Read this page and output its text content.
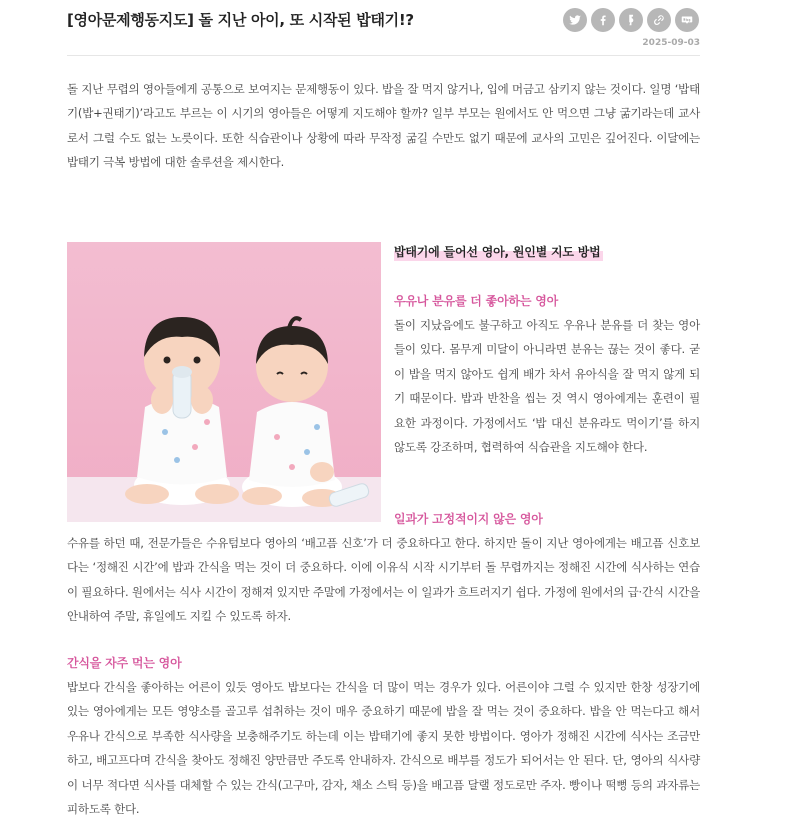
[영아문제행동지도] 돌 지난 아이, 또 시작된 밥태기!?
2025-09-03

돌 지난 무렵의 영아들에게 공통으로 보여지는 문제행동이 있다. 밥을 잘 먹지 않거나, 입에 머금고 삼키지 않는 것이다. 일명 ‘밥태기(밥+권태기)’라고도 부르는 이 시기의 영아들은 어떻게 지도해야 할까? 일부 부모는 원에서도 안 먹으면 그냥 굶기라는데 교사로서 그럴 수도 없는 노릇이다. 또한 식습관이나 상황에 따라 무작정 굶길 수만도 없기 때문에 교사의 고민은 깊어진다. 이달에는 밥태기 극복 방법에 대한 솔루션을 제시한다.

밥태기에 들어선 영아, 원인별 지도 방법
우유나 분유를 더 좋아하는 영아

돌이 지났음에도 불구하고 아직도 우유나 분유를 더 찾는 영아들이 있다. 몸무게 미달이 아니라면 분유는 끊는 것이 좋다. 굳이 밥을 먹지 않아도 쉽게 배가 차서 유아식을 잘 먹지 않게 되기 때문이다. 밥과 반찬을 씹는 것 역시 영아에게는 훈련이 필요한 과정이다. 가정에서도 ‘밥 대신 분유라도 먹이기’를 하지 않도록 강조하며, 협력하여 식습관을 지도해야 한다.

일과가 고정적이지 않은 영아

수유를 하던 때, 전문가들은 수유텀보다 영아의 ‘배고픔 신호’가 더 중요하다고 한다. 하지만 돌이 지난 영아에게는 배고픔 신호보다는 ‘정해진 시간’에 밥과 간식을 먹는 것이 더 중요하다. 이에 이유식 시작 시기부터 돌 무렵까지는 정해진 시간에 식사하는 연습이 필요하다. 원에서는 식사 시간이 정해져 있지만 주말에 가정에서는 이 일과가 흐트러지기 쉽다. 가정에 원에서의 급·간식 시간을 안내하여 주말, 휴일에도 지킬 수 있도록 하자.

간식을 자주 먹는 영아

밥보다 간식을 좋아하는 어른이 있듯 영아도 밥보다는 간식을 더 많이 먹는 경우가 있다. 어른이야 그럴 수 있지만 한창 성장기에 있는 영아에게는 모든 영양소를 골고루 섭취하는 것이 매우 중요하기 때문에 밥을 잘 먹는 것이 중요하다. 밥을 안 먹는다고 해서 우유나 간식으로 부족한 식사량을 보충해주기도 하는데 이는 밥태기에 좋지 못한 방법이다. 영아가 정해진 시간에 식사는 조금만 하고, 배고프다며 간식을 찾아도 정해진 양만큼만 주도록 안내하자. 간식으로 배부를 정도가 되어서는 안 된다. 단, 영아의 식사량이 너무 적다면 식사를 대체할 수 있는 간식(고구마, 감자, 채소 스틱 등)을 배고픔 달랠 정도로만 주자. 빵이나 떡뻥 등의 과자류는 피하도록 한다.
